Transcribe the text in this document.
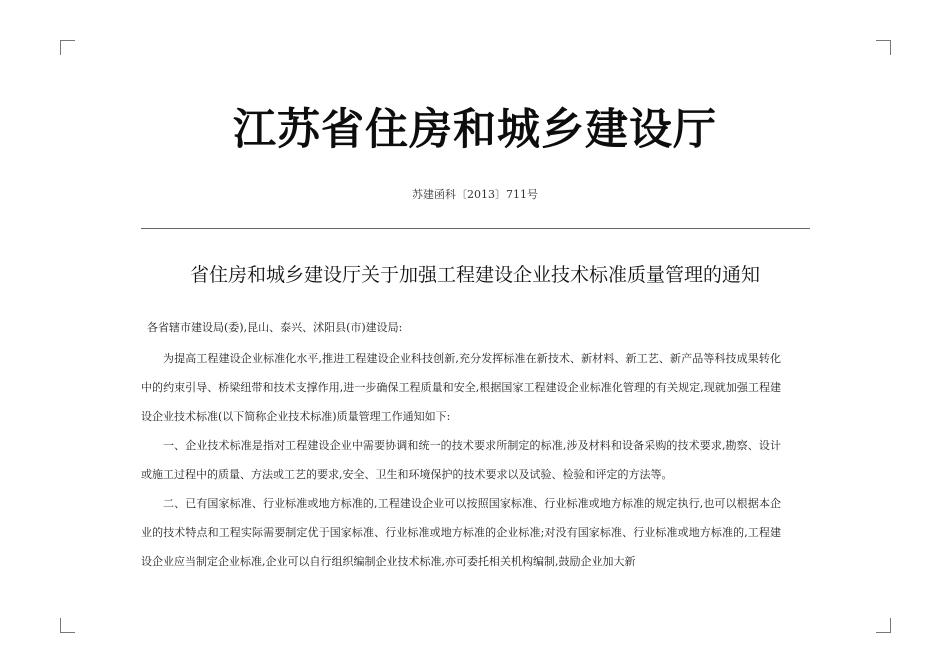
江苏省住房和城乡建设厅
苏建函科〔2013〕711号
省住房和城乡建设厅关于加强工程建设企业技术标准质量管理的通知
各省辖市建设局(委),昆山、泰兴、沭阳县(市)建设局:
为提高工程建设企业标准化水平,推进工程建设企业科技创新,充分发挥标准在新技术、新材料、新工艺、新产品等科技成果转化中的约束引导、桥梁纽带和技术支撑作用,进一步确保工程质量和安全,根据国家工程建设企业标准化管理的有关规定,现就加强工程建设企业技术标准(以下简称企业技术标准)质量管理工作通知如下:
一、企业技术标准是指对工程建设企业中需要协调和统一的技术要求所制定的标准,涉及材料和设备采购的技术要求,勘察、设计或施工过程中的质量、方法或工艺的要求,安全、卫生和环境保护的技术要求以及试验、检验和评定的方法等。
二、已有国家标准、行业标准或地方标准的,工程建设企业可以按照国家标准、行业标准或地方标准的规定执行,也可以根据本企业的技术特点和工程实际需要制定优于国家标准、行业标准或地方标准的企业标准;对没有国家标准、行业标准或地方标准的,工程建设企业应当制定企业标准,企业可以自行组织编制企业技术标准,亦可委托相关机构编制,鼓励企业加大新
